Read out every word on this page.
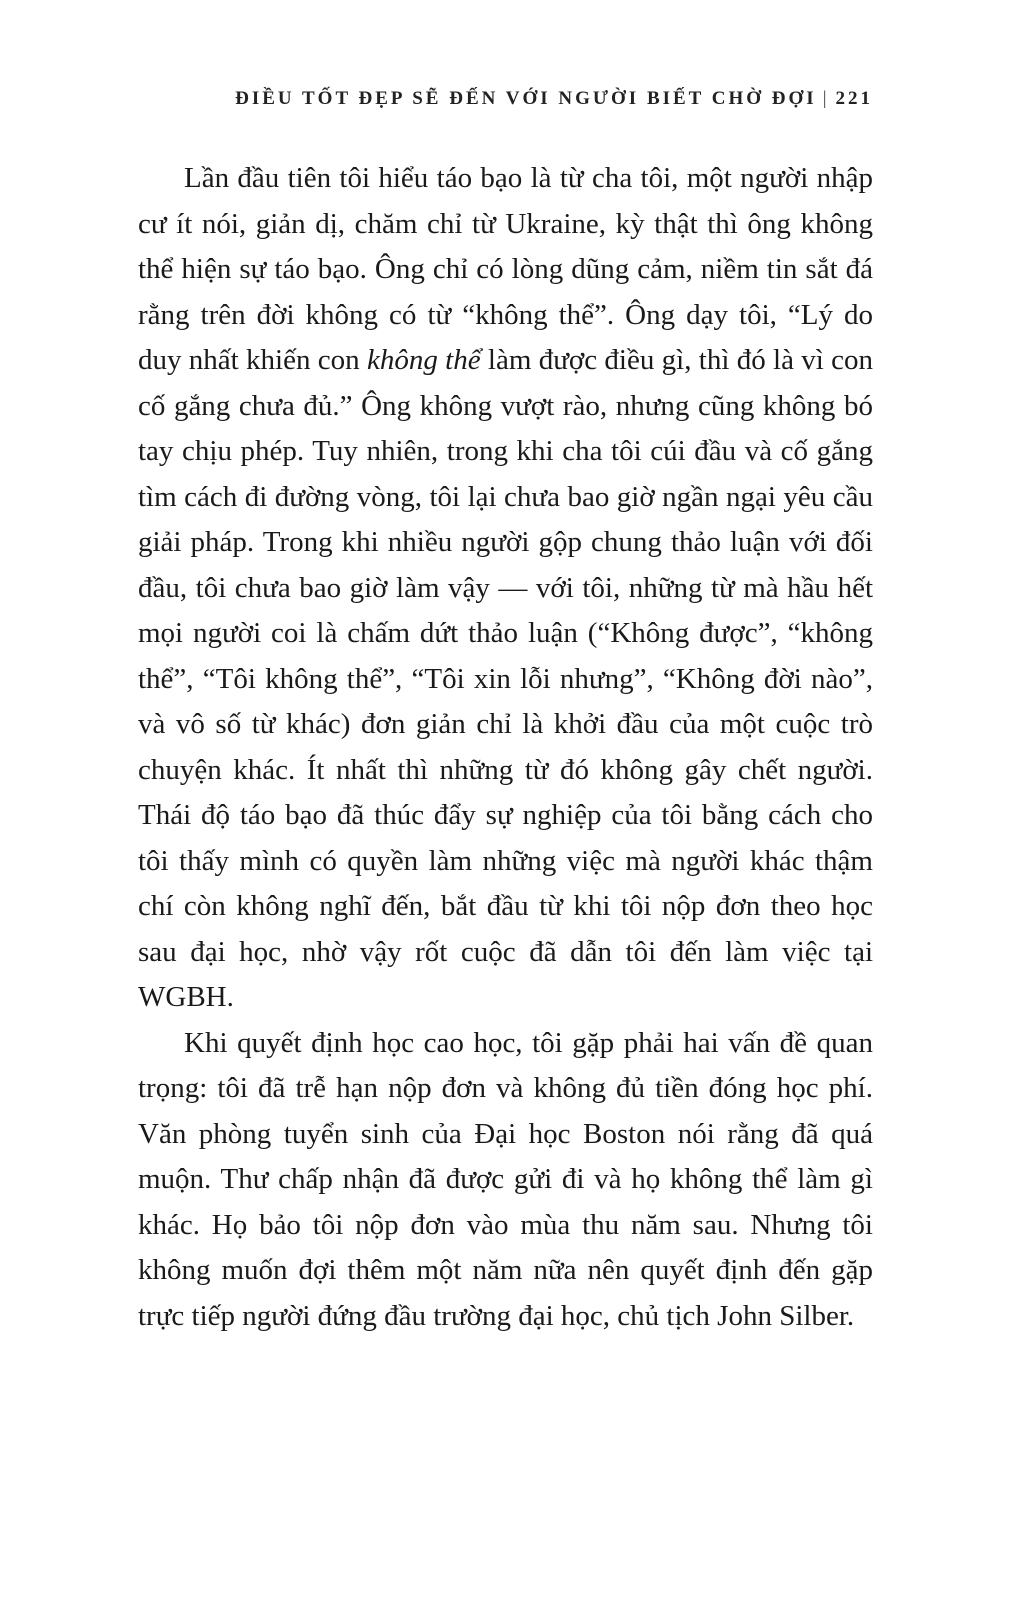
ĐIỀU TỐT ĐẸP SẼ ĐẾN VỚI NGƯỜI BIẾT CHỜ ĐỢI | 221

Lần đầu tiên tôi hiểu táo bạo là từ cha tôi, một người nhập cư ít nói, giản dị, chăm chỉ từ Ukraine, kỳ thật thì ông không thể hiện sự táo bạo. Ông chỉ có lòng dũng cảm, niềm tin sắt đá rằng trên đời không có từ “không thể”. Ông dạy tôi, “Lý do duy nhất khiến con không thể làm được điều gì, thì đó là vì con cố gắng chưa đủ.” Ông không vượt rào, nhưng cũng không bó tay chịu phép. Tuy nhiên, trong khi cha tôi cúi đầu và cố gắng tìm cách đi đường vòng, tôi lại chưa bao giờ ngần ngại yêu cầu giải pháp. Trong khi nhiều người gộp chung thảo luận với đối đầu, tôi chưa bao giờ làm vậy — với tôi, những từ mà hầu hết mọi người coi là chấm dứt thảo luận (“Không được”, “không thể”, “Tôi không thể”, “Tôi xin lỗi nhưng”, “Không đời nào”, và vô số từ khác) đơn giản chỉ là khởi đầu của một cuộc trò chuyện khác. Ít nhất thì những từ đó không gây chết người. Thái độ táo bạo đã thúc đẩy sự nghiệp của tôi bằng cách cho tôi thấy mình có quyền làm những việc mà người khác thậm chí còn không nghĩ đến, bắt đầu từ khi tôi nộp đơn theo học sau đại học, nhờ vậy rốt cuộc đã dẫn tôi đến làm việc tại WGBH.

Khi quyết định học cao học, tôi gặp phải hai vấn đề quan trọng: tôi đã trễ hạn nộp đơn và không đủ tiền đóng học phí. Văn phòng tuyển sinh của Đại học Boston nói rằng đã quá muộn. Thư chấp nhận đã được gửi đi và họ không thể làm gì khác. Họ bảo tôi nộp đơn vào mùa thu năm sau. Nhưng tôi không muốn đợi thêm một năm nữa nên quyết định đến gặp trực tiếp người đứng đầu trường đại học, chủ tịch John Silber.
